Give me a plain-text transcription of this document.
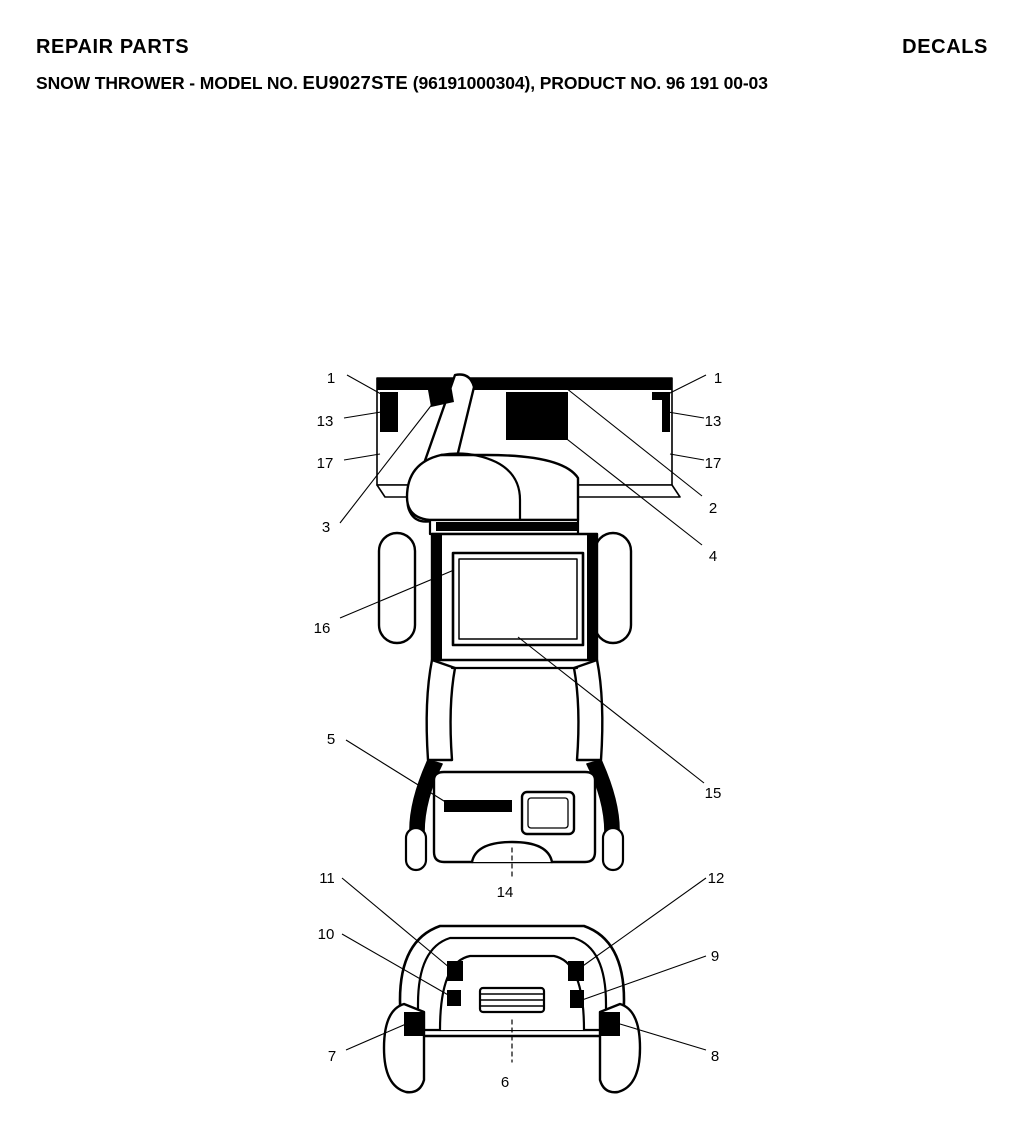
REPAIR PARTS	DECALS
SNOW THROWER - MODEL NO. EU9027STE (96191000304), PRODUCT NO. 96 191 00-03
1	1
13	13
17	17
2
3
4
16
15
5
14
11	12
10
9
7	8
6
